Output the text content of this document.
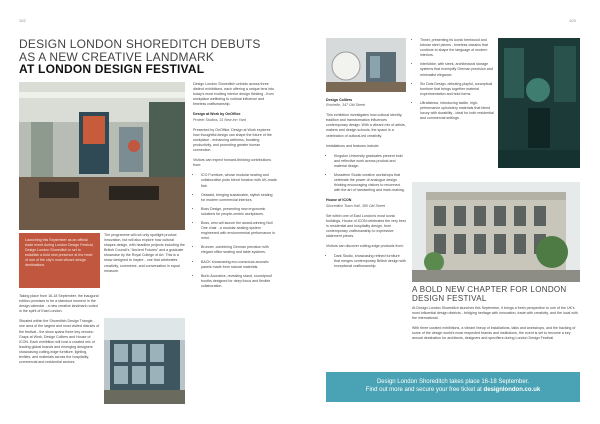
102	103
DESIGN LONDON SHOREDITCH DEBUTS
AS A NEW CREATIVE LANDMARK
AT LONDON DESIGN FESTIVAL
Launching this September as an official trade event during London Design Festival, Design London Shoreditch is set to establish a bold new presence at the heart of one of the city's most vibrant design destinations.

Taking place from 16-18 September, the inaugural edition promises to be a standout moment in the design calendar - a new creative landmark rooted in the spirit of East London.

Situated within the Shoreditch Design Triangle - one area of the largest and most visited districts of the festival - the show spans three key venues: Grays at Work, Design Colliers and House of ICON. Each exhibition will host a curated mix of leading global brands and emerging designers showcasing cutting-edge furniture, lighting, textiles, and materials across the hospitality, commercial and residential sectors.

The programme will not only spotlight product innovation, but will also explore how cultural shapes design, with headline projects including the British Council's "Ancient Futures" and a graduate showcase by the Royal College of Art. This is a show designed to inspire - one that celebrates creativity, commerce, and conversation in equal measure.

Design London Shoreditch unfolds across three distinct exhibitions, each offering a unique lens into today's most exciting interior design thinking - from workplace wellbeing to cultural influence and timeless craftsmanship.

Design at Work by OnOffice

Protein Studios, 31 New Inn Yard

Presented by OnOffice, Design at Work explores how thoughtful design can shape the future of the workplace - enhancing wellness, boosting productivity, and promoting greater human connection.

Visitors can expect forward-thinking contributions from:

• ICO Furniture, whose modular seating and collaborative pods blend function with UK-made flair.
• Ostwald, bringing sustainable, stylish seating for modern commercial interiors.
• Boss Design, presenting new ergonomic solutions for people-centric workplaces.
• Boss, who will launch the award-winning Null One chair - a modular seating system engineered with environmental performance in mind.
• Brunner, combining German precision with elegant office seating and table systems.
• BACK showcasing eco-conscious acoustic panels made from natural materials.
• Burlo Acoustics, revealing stand, soundproof booths designed for deep focus and flexible collaboration.

Design Colliers

Rochelle, 347 Old Street

This exhibition investigates how cultural identity, tradition and transformation influences contemporary design. With a vibrant mix of artists, makers and design schools, the space is a celebration of cultural-led creativity.

Installations and features include:

• Kingston University graduates present bold and reflective work across product and material design.
• Mossleine Studio creative workshops that celebrate the power of analogue design thinking encouraging visitors to reconnect with the art of handwriting and mark-making.

House of ICON

Shoreditch Town Hall, 380 Old Street

Set within one of East London's most iconic buildings, House of ICON celebrates the very best in residential and hospitality design, from contemporary craftsmanship to expressive statement pieces.

Visitors can discover cutting-edge products from:

• Dark Studio, showcasing refined furniture that merges contemporary British design with exceptional craftsmanship.
• Tinnel, presenting its iconic bentwood and tubular steel pieces - timeless classics that continue to shape the language of modern interiors.
• Interlübke, with sleek, architectural storage systems that exemplify German precision and minimalist elegance.
• Six Dots Design, debuting playful, conceptual furniture that brings together material experimentation and bold forms.
• Ultrafabrics, introducing tactile, high-performance upholstery materials that blend luxury with durability - ideal for both residential and commercial settings.
A BOLD NEW CHAPTER FOR LONDON
DESIGN FESTIVAL

At Design London Shoreditch launches this September, it brings a fresh perspective to one of the UK's most influential design districts - bridging heritage with innovation, trade with creativity, and the local with the international.

With three curated exhibitions, a vibrant lineup of installations, talks and workshops, and the backing of some of the design world's most respected brands and institutions, the event is set to become a key annual destination for architects, designers and specifiers during London Design Festival.

Design London Shoreditch takes place 16-18 September.
Find out more and secure your free ticket at designlondon.co.uk
